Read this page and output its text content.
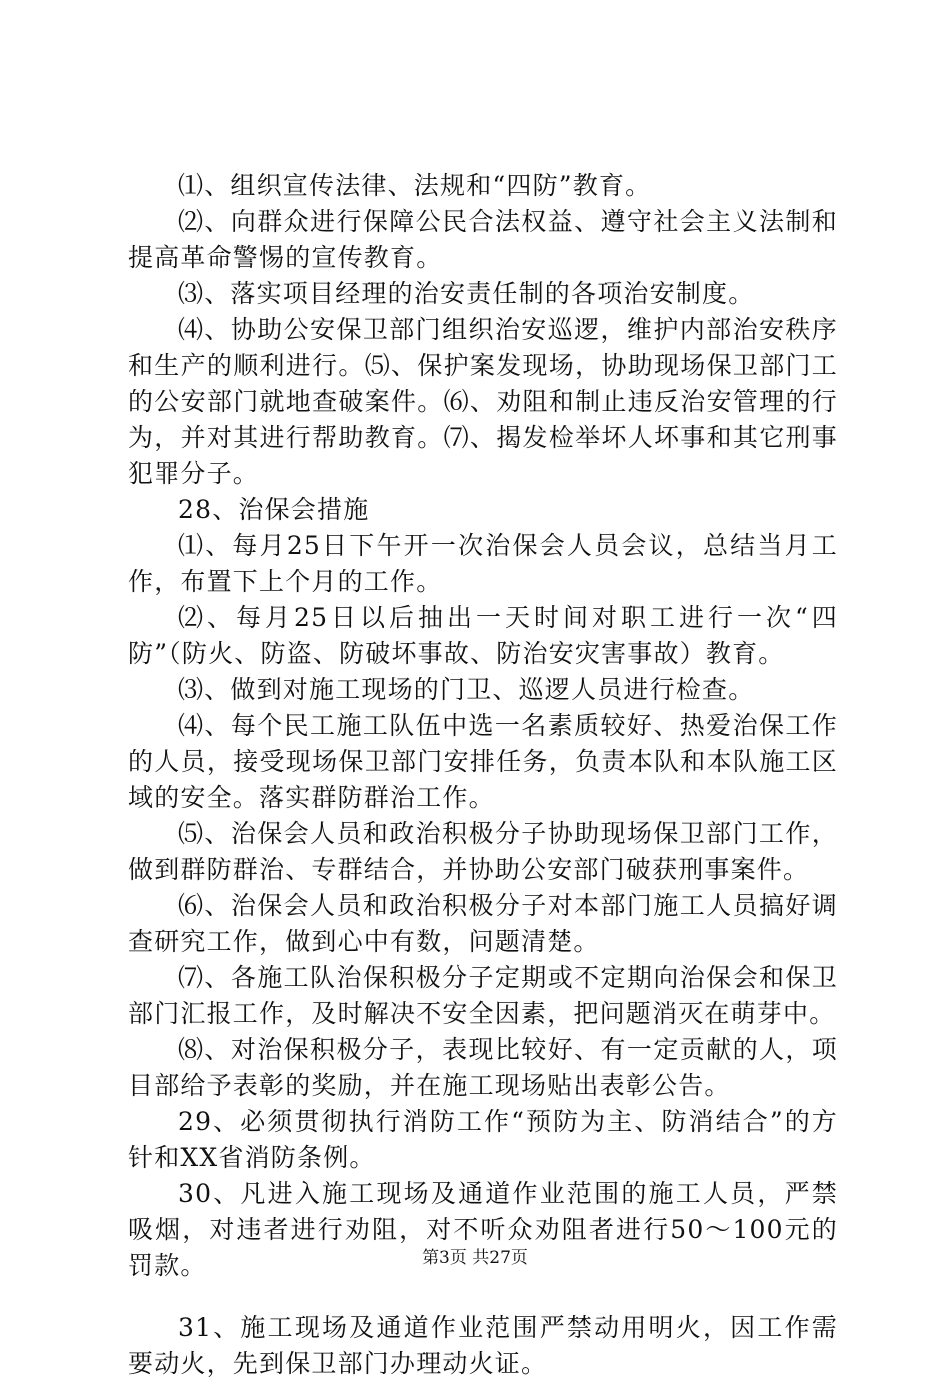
⑴、组织宣传法律、法规和“四防”教育。

⑵、向群众进行保障公民合法权益、遵守社会主义法制和提高革命警惕的宣传教育。

⑶、落实项目经理的治安责任制的各项治安制度。

⑷、协助公安保卫部门组织治安巡逻，维护内部治安秩序和生产的顺利进行。⑸、保护案发现场，协助现场保卫部门工的公安部门就地查破案件。⑹、劝阻和制止违反治安管理的行为，并对其进行帮助教育。⑺、揭发检举坏人坏事和其它刑事犯罪分子。

28、治保会措施

⑴、每月25日下午开一次治保会人员会议，总结当月工作，布置下上个月的工作。

⑵、每月25日以后抽出一天时间对职工进行一次“四防”（防火、防盗、防破坏事故、防治安灾害事故）教育。

⑶、做到对施工现场的门卫、巡逻人员进行检查。

⑷、每个民工施工队伍中选一名素质较好、热爱治保工作的人员，接受现场保卫部门安排任务，负责本队和本队施工区域的安全。落实群防群治工作。

⑸、治保会人员和政治积极分子协助现场保卫部门工作，做到群防群治、专群结合，并协助公安部门破获刑事案件。

⑹、治保会人员和政治积极分子对本部门施工人员搞好调查研究工作，做到心中有数，问题清楚。

⑺、各施工队治保积极分子定期或不定期向治保会和保卫部门汇报工作，及时解决不安全因素，把问题消灭在萌芽中。

⑻、对治保积极分子，表现比较好、有一定贡献的人，项目部给予表彰的奖励，并在施工现场贴出表彰公告。

29、必须贯彻执行消防工作“预防为主、防消结合”的方针和XX省消防条例。

30、凡进入施工现场及通道作业范围的施工人员，严禁吸烟，对违者进行劝阻，对不听众劝阻者进行50～100元的罚款。

31、施工现场及通道作业范围严禁动用明火，因工作需要动火，先到保卫部门办理动火证。

第3页 共27页
